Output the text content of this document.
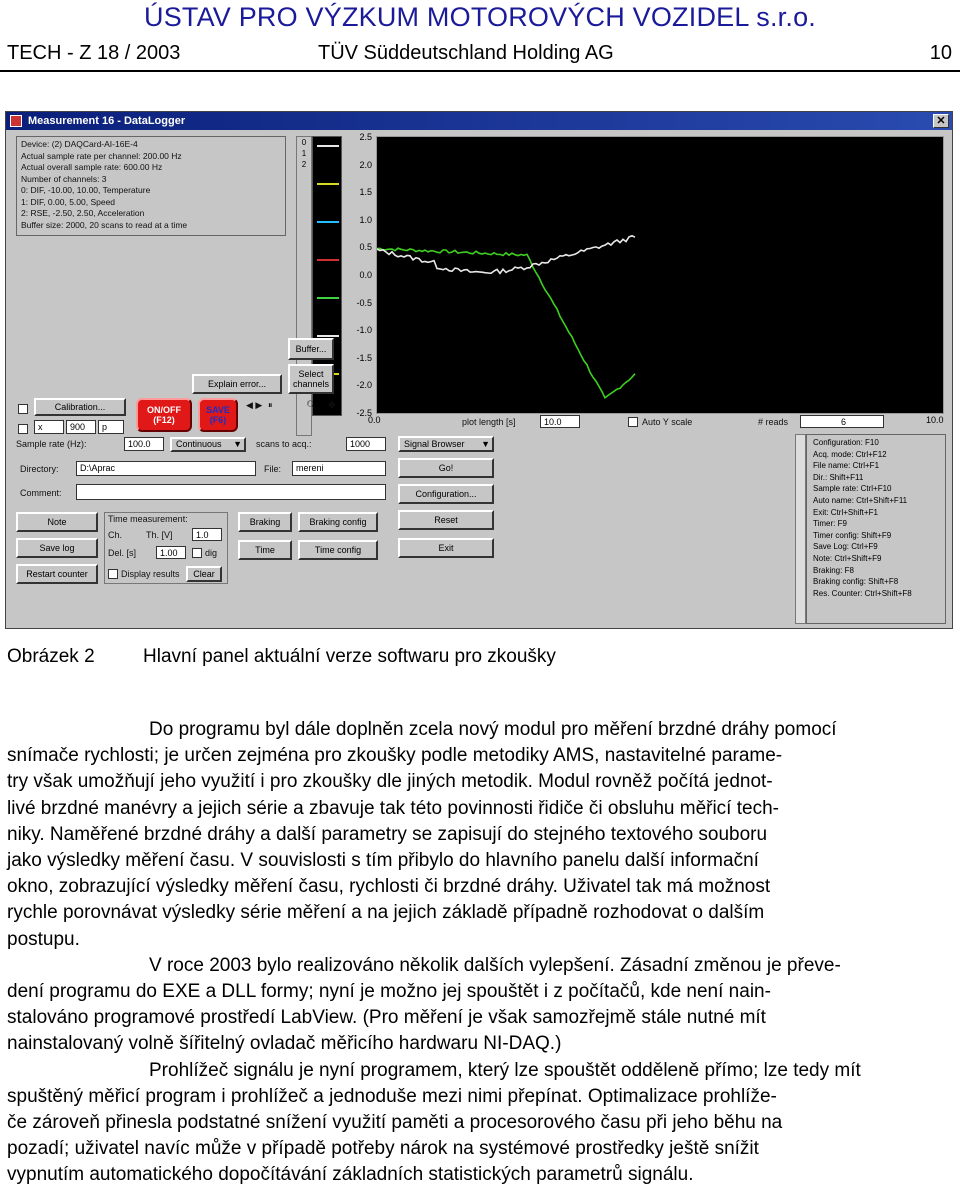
ÚSTAV PRO VÝZKUM MOTOROVÝCH VOZIDEL s.r.o.
TECH - Z 18 / 2003	TÜV Süddeutschland Holding AG	10
Measurement 16 - DataLogger	✕
Device: (2) DAQCard-AI-16E-4
Actual sample rate per channel: 200.00 Hz
Actual overall sample rate: 600.00 Hz
Number of channels: 3
0: DIF, -10.00, 10.00, Temperature
1: DIF, 0.00, 5.00, Speed
2: RSE, -2.50, 2.50, Acceleration
Buffer size: 2000, 20 scans to read at a time
0
1
2
2.5
2.0
1.5
1.0
0.5
0.0
-0.5
-1.0
-1.5
-2.0
-2.5
0.0	10.0
Buffer...
Select channels
Explain error...
Calibration...
x	900	p
ON/OFF (F12)
SAVE (F6)
◀ ▶ ⏸	🔍︎ ✥
Sample rate (Hz):	100.0	Continuous ▼ scans to acq.:	1000
Directory:	D:\Aprac	File:	mereni
Comment:
Signal Browser ▼
Go!
Configuration...
Reset
Exit
Note
Save log
Restart counter
Time measurement:
Ch.	Th. [V]	1.0
Del. [s]	1.00	dig
Display results	Clear
Braking	Braking config
Time	Time config
plot length [s]	10.0	Auto Y scale	# reads	6
Configuration: F10
Acq. mode: Ctrl+F12
File name: Ctrl+F1
Dir.: Shift+F11
Sample rate: Ctrl+F10
Auto name: Ctrl+Shift+F11
Exit: Ctrl+Shift+F1
Timer: F9
Timer config: Shift+F9
Save Log: Ctrl+F9
Note: Ctrl+Shift+F9
Braking: F8
Braking config: Shift+F8
Res. Counter: Ctrl+Shift+F8
Obrázek 2	Hlavní panel aktuální verze softwaru pro zkoušky

Do programu byl dále doplněn zcela nový modul pro měření brzdné dráhy pomocí
snímače rychlosti; je určen zejména pro zkoušky podle metodiky AMS, nastavitelné parame-
try však umožňují jeho využití i pro zkoušky dle jiných metodik. Modul rovněž počítá jednot-
livé brzdné manévry a jejich série a zbavuje tak této povinnosti řidiče či obsluhu měřicí tech-
niky. Naměřené brzdné dráhy a další parametry se zapisují do stejného textového souboru
jako výsledky měření času. V souvislosti s tím přibylo do hlavního panelu další informační
okno, zobrazující výsledky měření času, rychlosti či brzdné dráhy. Uživatel tak má možnost
rychle porovnávat výsledky série měření a na jejich základě případně rozhodovat o dalším
postupu.

V roce 2003 bylo realizováno několik dalších vylepšení. Zásadní změnou je převe-
dení programu do EXE a DLL formy; nyní je možno jej spouštět i z počítačů, kde není nain-
stalováno programové prostředí LabView. (Pro měření je však samozřejmě stále nutné mít
nainstalovaný volně šířitelný ovladač měřicího hardwaru NI-DAQ.)

Prohlížeč signálu je nyní programem, který lze spouštět odděleně přímo; lze tedy mít
spuštěný měřicí program i prohlížeč a jednoduše mezi nimi přepínat. Optimalizace prohlíže-
če zároveň přinesla podstatné snížení využití paměti a procesorového času při jeho běhu na
pozadí; uživatel navíc může v případě potřeby nárok na systémové prostředky ještě snížit
vypnutím automatického dopočítávání základních statistických parametrů signálu.
